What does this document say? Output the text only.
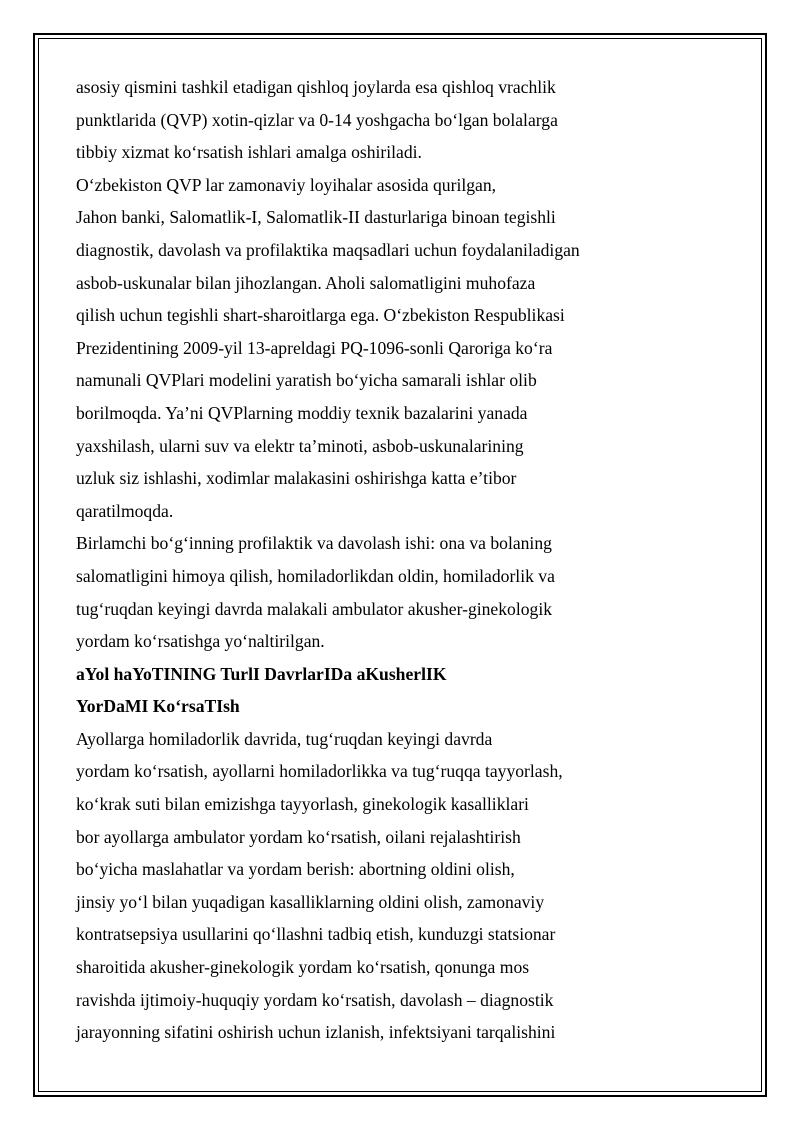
asosiy qismini tashkil etadigan qishloq joylarda esa qishloq vrachlik
punktlarida (QVP) xotin-qizlar va 0-14 yoshgacha bo‘lgan bolalarga
tibbiy xizmat ko‘rsatish ishlari amalga oshiriladi.
O‘zbekiston QVP lar zamonaviy loyihalar asosida qurilgan,
Jahon banki, Salomatlik-I, Salomatlik-II dasturlariga binoan tegishli
diagnostik, davolash va profilaktika maqsadlari uchun foydalaniladigan
asbob-uskunalar bilan jihozlangan. Aholi salomatligini muhofaza
qilish uchun tegishli shart-sharoitlarga ega. O‘zbekiston Respublikasi
Prezidentining 2009-yil 13-apreldagi PQ-1096-sonli Qaroriga ko‘ra
namunali QVPlari modelini yaratish bo‘yicha samarali ishlar olib
borilmoqda. Ya’ni QVPlarning moddiy texnik bazalarini yanada
yaxshilash, ularni suv va elektr ta’minoti, asbob-uskunalarining
uzluk siz ishlashi, xodimlar malakasini oshirishga katta e’tibor
qaratilmoqda.
Birlamchi bo‘g‘inning profilaktik va davolash ishi: ona va bolaning
salomatligini himoya qilish, homiladorlikdan oldin, homiladorlik va
tug‘ruqdan keyingi davrda malakali ambulator akusher-ginekologik
yordam ko‘rsatishga yo‘naltirilgan.
aYol haYoTINING TurlI DavrlarIDa aKusherlIK
YorDaMI Ko‘rsaTIsh
Ayollarga homiladorlik davrida, tug‘ruqdan keyingi davrda
yordam ko‘rsatish, ayollarni homiladorlikka va tug‘ruqqa tayyorlash,
ko‘krak suti bilan emizishga tayyorlash, ginekologik kasalliklari
bor ayollarga ambulator yordam ko‘rsatish, oilani rejalashtirish
bo‘yicha maslahatlar va yordam berish: abortning oldini olish,
jinsiy yo‘l bilan yuqadigan kasalliklarning oldini olish, zamonaviy
kontratsepsiya usullarini qo‘llashni tadbiq etish, kunduzgi statsionar
sharoitida akusher-ginekologik yordam ko‘rsatish, qonunga mos
ravishda ijtimoiy-huquqiy yordam ko‘rsatish, davolash – diagnostik
jarayonning sifatini oshirish uchun izlanish, infektsiyani tarqalishini
